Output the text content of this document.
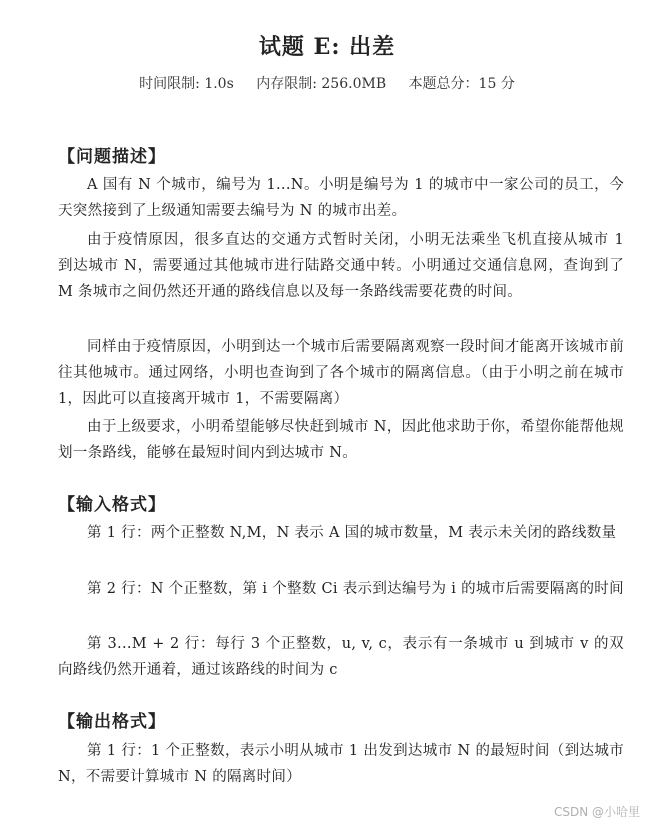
试题 E: 出差
时间限制: 1.0s 内存限制: 256.0MB 本题总分：15 分
【问题描述】
A 国有 N 个城市，编号为 1...N。小明是编号为 1 的城市中一家公司的员工，今天突然接到了上级通知需要去编号为 N 的城市出差。
由于疫情原因，很多直达的交通方式暂时关闭，小明无法乘坐飞机直接从城市 1 到达城市 N，需要通过其他城市进行陆路交通中转。小明通过交通信息网，查询到了 M 条城市之间仍然还开通的路线信息以及每一条路线需要花费的时间。
同样由于疫情原因，小明到达一个城市后需要隔离观察一段时间才能离开该城市前往其他城市。通过网络，小明也查询到了各个城市的隔离信息。（由于小明之前在城市 1，因此可以直接离开城市 1，不需要隔离）
由于上级要求，小明希望能够尽快赶到城市 N，因此他求助于你，希望你能帮他规划一条路线，能够在最短时间内到达城市 N。
【输入格式】
第 1 行：两个正整数 N,M，N 表示 A 国的城市数量，M 表示未关闭的路线数量
第 2 行：N 个正整数，第 i 个整数 Ci 表示到达编号为 i 的城市后需要隔离的时间
第 3...M + 2 行：每行 3 个正整数，u, v, c，表示有一条城市 u 到城市 v 的双向路线仍然开通着，通过该路线的时间为 c
【输出格式】
第 1 行：1 个正整数，表示小明从城市 1 出发到达城市 N 的最短时间（到达城市 N，不需要计算城市 N 的隔离时间）
CSDN @小哈里
